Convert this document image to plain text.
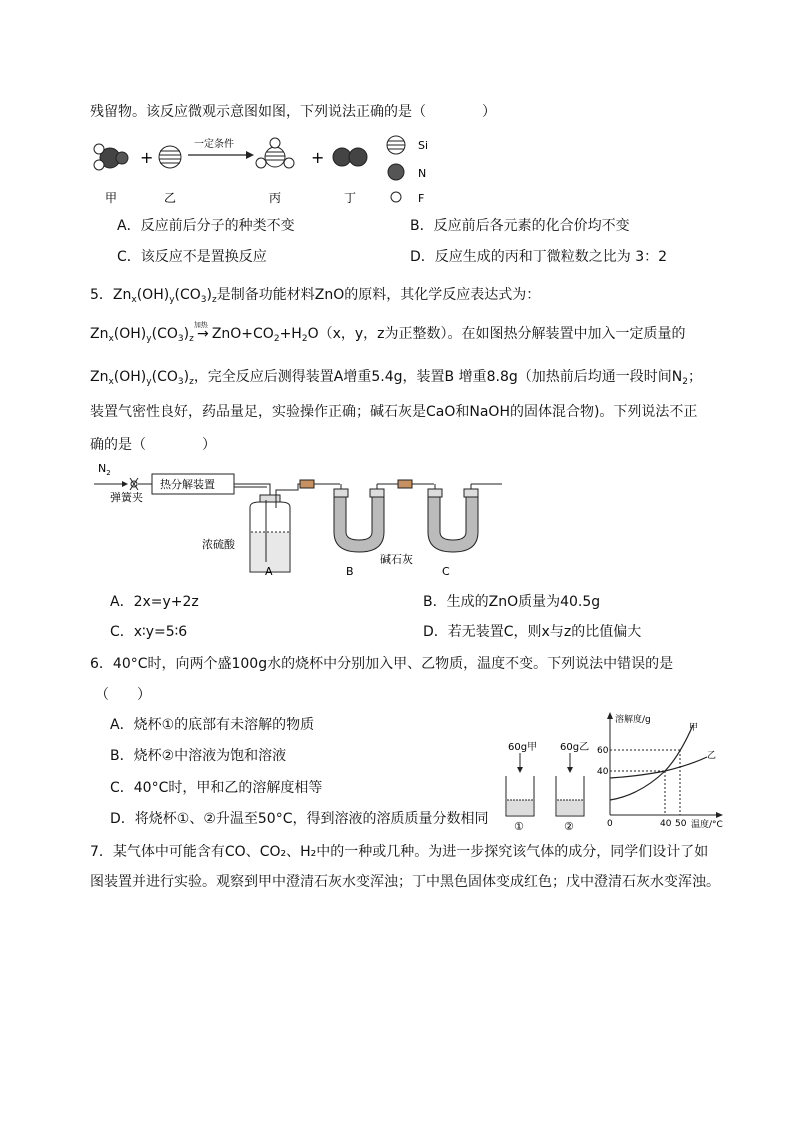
残留物。该反应微观示意图如图，下列说法正确的是（　　　　）
+
一定条件
+
Si
N
F
甲	乙	丙	丁
A．反应前后分子的种类不变	B．反应前后各元素的化合价均不变
C．该反应不是置换反应	D．反应生成的丙和丁微粒数之比为 3：2
5．$Zn_x(OH)_y(CO_3)_z$是制备功能材料ZnO的原料，其化学反应表达式为：
$Zn_x(OH)_y(CO_3)_z$
加热
→ $ZnO+CO_2+H_2O(x$，y，z为正整数）。在如图热分解装置中加入一定质量的
$Zn_x(OH)_y(CO_3)_z$，完全反应后测得装置A增重5.4g，装置B 增重8.8g（加热前后均通一段时间$N_2$；
装置气密性良好，药品量足，实验操作正确；碱石灰是CaO和NaOH的固体混合物)。下列说法不正
确的是（　　　　）
$N_2$
弹簧夹
热分解装置
浓硫酸
碱石灰
A	B	C
A．2x=y+2z	B．生成的ZnO质量为40.5g
C．x∶y=5∶6	D．若无装置C，则x与z的比值偏大
6．40°C时，向两个盛100g水的烧杯中分别加入甲、乙物质，温度不变。下列说法中错误的是
（　　）
A．烧杯①的底部有未溶解的物质
B．烧杯②中溶液为饱和溶液
C．40°C时，甲和乙的溶解度相等
D．将烧杯①、②升温至50°C，得到溶液的溶质质量分数相同
60g甲
①
60g乙
②
溶解度/g
温度/°C
0
60
40
40 50
甲
乙
7．某气体中可能含有CO、CO₂、H₂中的一种或几种。为进一步探究该气体的成分，同学们设计了如
图装置并进行实验。观察到甲中澄清石灰水变浑浊；丁中黑色固体变成红色；戊中澄清石灰水变浑浊。
